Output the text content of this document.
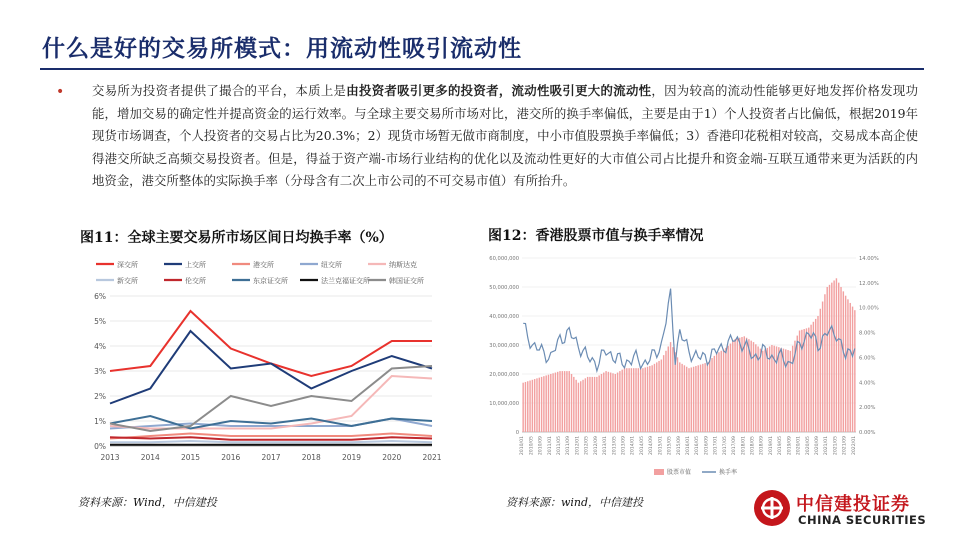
什么是好的交易所模式：用流动性吸引流动性
• 交易所为投资者提供了撮合的平台，本质上是由投资者吸引更多的投资者，流动性吸引更大的流动性，因为较高的流动性能够更好地发挥价格发现功能，增加交易的确定性并提高资金的运行效率。与全球主要交易所市场对比，港交所的换手率偏低，主要是由于1）个人投资者占比偏低，根据2019年现货市场调查，个人投资者的交易占比为20.3%；2）现货市场暂无做市商制度，中小市值股票换手率偏低；3）香港印花税相对较高，交易成本高企使得港交所缺乏高频交易投资者。但是，得益于资产端-市场行业结构的优化以及流动性更好的大市值公司占比提升和资金端-互联互通带来更为活跃的内地资金，港交所整体的实际换手率（分母含有二次上市公司的不可交易市值）有所抬升。
图11：全球主要交易所市场区间日均换手率（%）	图12：香港股票市值与换手率情况
深交所	上交所	港交所	纽交所	纳斯达克
新交所	伦交所	东京证交所	法兰克福证交所	韩国证交所
0%
1%
2%
3%
4%
5%
6%
2013	2014	2015	2016	2017	2018	2019	2020	2021
0
10,000,000
20,000,000
30,000,000
40,000,000
50,000,000
60,000,000
0.00%
2.00%
4.00%
6.00%
8.00%
10.00%
12.00%
14.00%
2010/01 2010/05 2010/09 2011/01 2011/05 2011/09 2012/01 2012/05 2012/09 2013/01 2013/05 2013/09 2014/01 2014/05 2014/09 2015/01 2015/05 2015/09 2016/01 2016/05 2016/09 2017/01 2017/05 2017/09 2018/01 2018/05 2018/09 2019/01 2019/05 2019/09 2020/01 2020/05 2020/09 2021/01 2021/05 2021/09 2022/01
股票市值	换手率
资料来源：Wind，中信建投	资料来源：wind，中信建投	中信建投证券
CHINA SECURITIES
